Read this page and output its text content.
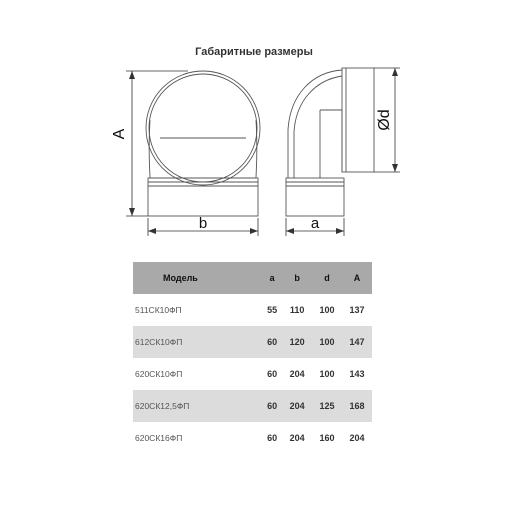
Габаритные размеры
A
b	a
Ød
Модель	a	b	d	A
511СК10ФП	55	110	100	137
612СК10ФП	60	120	100	147
620СК10ФП	60	204	100	143
620СК12,5ФП	60	204	125	168
620СК16ФП	60	204	160	204
